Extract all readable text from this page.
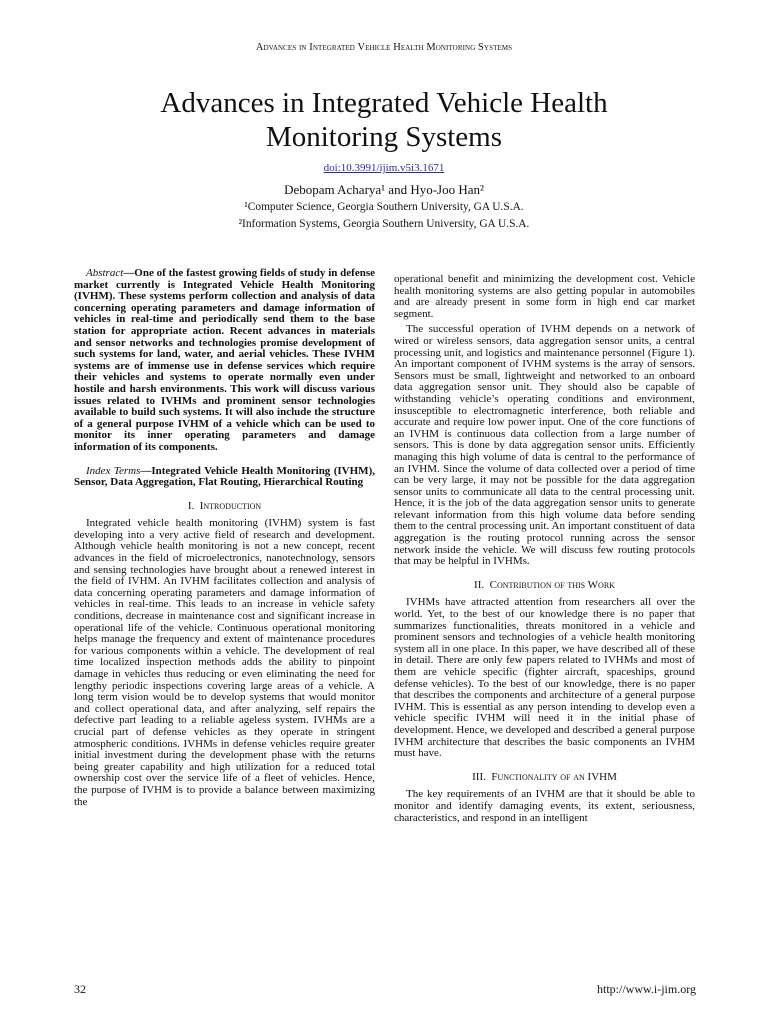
Advances in Integrated Vehicle Health Monitoring Systems
Advances in Integrated Vehicle Health
Monitoring Systems
doi:10.3991/ijim.v5i3.1671
Debopam Acharya¹ and Hyo-Joo Han²
¹Computer Science, Georgia Southern University, GA U.S.A.
²Information Systems, Georgia Southern University, GA U.S.A.

Abstract—One of the fastest growing fields of study in defense market currently is Integrated Vehicle Health Monitoring (IVHM). These systems perform collection and analysis of data concerning operating parameters and damage information of vehicles in real-time and periodically send them to the base station for appropriate action. Recent advances in materials and sensor networks and technologies promise development of such systems for land, water, and aerial vehicles. These IVHM systems are of immense use in defense services which require their vehicles and systems to operate normally even under hostile and harsh environments. This work will discuss various issues related to IVHMs and prominent sensor technologies available to build such systems. It will also include the structure of a general purpose IVHM of a vehicle which can be used to monitor its inner operating parameters and damage information of its components.

Index Terms—Integrated Vehicle Health Monitoring (IVHM), Sensor, Data Aggregation, Flat Routing, Hierarchical Routing

I. Introduction

Integrated vehicle health monitoring (IVHM) system is fast developing into a very active field of research and development. Although vehicle health monitoring is not a new concept, recent advances in the field of microelectronics, nanotechnology, sensors and sensing technologies have brought about a renewed interest in the field of IVHM. An IVHM facilitates collection and analysis of data concerning operating parameters and damage information of vehicles in real-time. This leads to an increase in vehicle safety conditions, decrease in maintenance cost and significant increase in operational life of the vehicle. Continuous operational monitoring helps manage the frequency and extent of maintenance procedures for various components within a vehicle. The development of real time localized inspection methods adds the ability to pinpoint damage in vehicles thus reducing or even eliminating the need for lengthy periodic inspections covering large areas of a vehicle. A long term vision would be to develop systems that would monitor and collect operational data, and after analyzing, self repairs the defective part leading to a reliable ageless system. IVHMs are a crucial part of defense vehicles as they operate in stringent atmospheric conditions. IVHMs in defense vehicles require greater initial investment during the development phase with the returns being greater capability and high utilization for a reduced total ownership cost over the service life of a fleet of vehicles. Hence, the purpose of IVHM is to provide a balance between maximizing the

operational benefit and minimizing the development cost. Vehicle health monitoring systems are also getting popular in automobiles and are already present in some form in high end car market segment.

The successful operation of IVHM depends on a network of wired or wireless sensors, data aggregation sensor units, a central processing unit, and logistics and maintenance personnel (Figure 1). An important component of IVHM systems is the array of sensors. Sensors must be small, lightweight and networked to an onboard data aggregation sensor unit. They should also be capable of withstanding vehicle’s operating conditions and environment, insusceptible to electromagnetic interference, both reliable and accurate and require low power input. One of the core functions of an IVHM is continuous data collection from a large number of sensors. This is done by data aggregation sensor units. Efficiently managing this high volume of data is central to the performance of an IVHM. Since the volume of data collected over a period of time can be very large, it may not be possible for the data aggregation sensor units to communicate all data to the central processing unit. Hence, it is the job of the data aggregation sensor units to generate relevant information from this high volume data before sending them to the central processing unit. An important constituent of data aggregation is the routing protocol running across the sensor network inside the vehicle. We will discuss few routing protocols that may be helpful in IVHMs.

II. Contribution of this Work

IVHMs have attracted attention from researchers all over the world. Yet, to the best of our knowledge there is no paper that summarizes functionalities, threats monitored in a vehicle and prominent sensors and technologies of a vehicle health monitoring system all in one place. In this paper, we have described all of these in detail. There are only few papers related to IVHMs and most of them are vehicle specific (fighter aircraft, spaceships, ground defense vehicles). To the best of our knowledge, there is no paper that describes the components and architecture of a general purpose IVHM. This is essential as any person intending to develop even a vehicle specific IVHM will need it in the initial phase of development. Hence, we developed and described a general purpose IVHM architecture that describes the basic components an IVHM must have.

III. Functionality of an IVHM

The key requirements of an IVHM are that it should be able to monitor and identify damaging events, its extent, seriousness, characteristics, and respond in an intelligent

32	http://www.i-jim.org
